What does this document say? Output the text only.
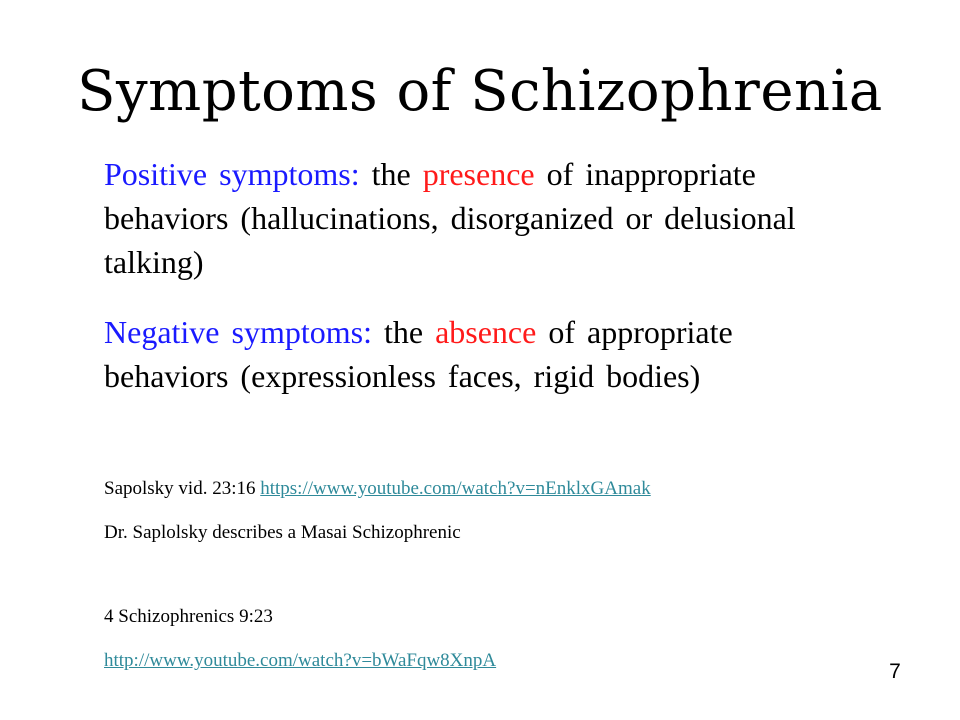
Symptoms of Schizophrenia

Positive symptoms: the presence of inappropriate behaviors (hallucinations, disorganized or delusional talking)

Negative symptoms: the absence of appropriate behaviors (expressionless faces, rigid bodies)

Sapolsky vid. 23:16 https://www.youtube.com/watch?v=nEnklxGAmak

Dr. Saplolsky describes a Masai Schizophrenic

4 Schizophrenics 9:23

http://www.youtube.com/watch?v=bWaFqw8XnpA	7
